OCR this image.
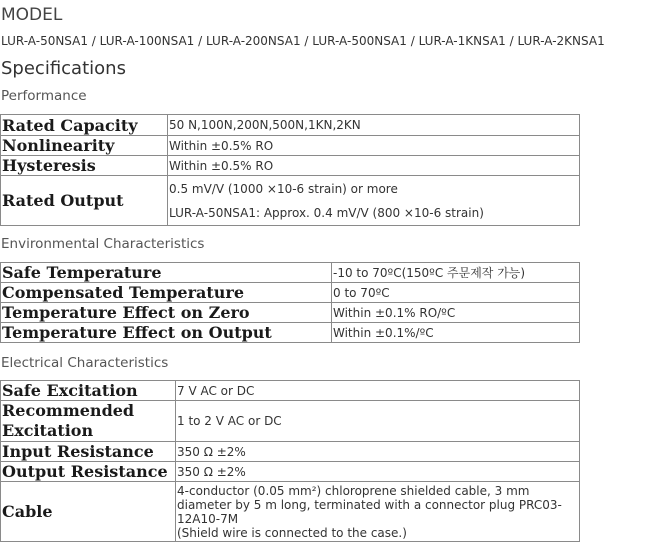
MODEL
LUR-A-50NSA1 / LUR-A-100NSA1 / LUR-A-200NSA1 / LUR-A-500NSA1 / LUR-A-1KNSA1 / LUR-A-2KNSA1
Specifications
Performance
Rated Capacity	50 N,100N,200N,500N,1KN,2KN
Nonlinearity	Within ±0.5% RO
Hysteresis	Within ±0.5% RO
Rated Output	0.5 mV/V (1000 ×10-6 strain) or more
LUR-A-50NSA1: Approx. 0.4 mV/V (800 ×10-6 strain)
Environmental Characteristics
Safe Temperature	-10 to 70ºC(150ºC 주문제작 가능)
Compensated Temperature	0 to 70ºC
Temperature Effect on Zero	Within ±0.1% RO/ºC
Temperature Effect on Output	Within ±0.1%/ºC
Electrical Characteristics
Safe Excitation	7 V AC or DC
Recommended Excitation	1 to 2 V AC or DC
Input Resistance	350 Ω ±2%
Output Resistance	350 Ω ±2%
Cable	4-conductor (0.05 mm²) chloroprene shielded cable, 3 mm diameter by 5 m long, terminated with a connector plug PRC03-12A10-7M
(Shield wire is connected to the case.)
